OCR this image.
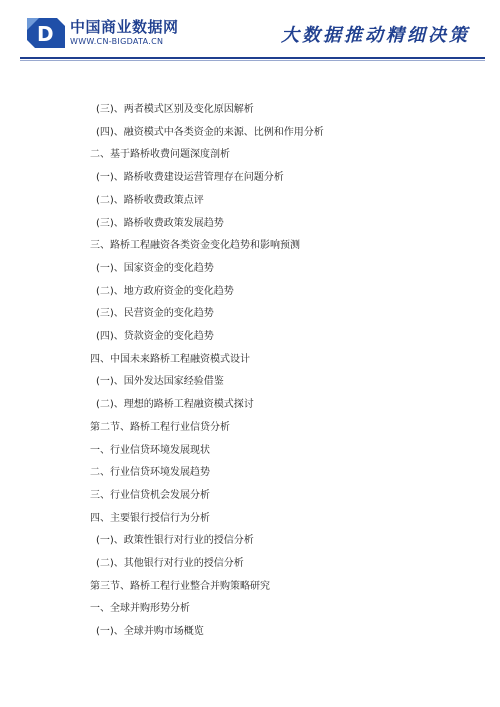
D 中国商业数据网
WWW.CN-BIGDATA.CN	大数据推动精细决策
(三)、两者模式区别及变化原因解析
(四)、融资模式中各类资金的来源、比例和作用分析
二、基于路桥收费问题深度剖析
(一)、路桥收费建设运营管理存在问题分析
(二)、路桥收费政策点评
(三)、路桥收费政策发展趋势
三、路桥工程融资各类资金变化趋势和影响预测
(一)、国家资金的变化趋势
(二)、地方政府资金的变化趋势
(三)、民营资金的变化趋势
(四)、贷款资金的变化趋势
四、中国未来路桥工程融资模式设计
(一)、国外发达国家经验借鉴
(二)、理想的路桥工程融资模式探讨
第二节、路桥工程行业信贷分析
一、行业信贷环境发展现状
二、行业信贷环境发展趋势
三、行业信贷机会发展分析
四、主要银行授信行为分析
(一)、政策性银行对行业的授信分析
(二)、其他银行对行业的授信分析
第三节、路桥工程行业整合并购策略研究
一、全球并购形势分析
(一)、全球并购市场概览
